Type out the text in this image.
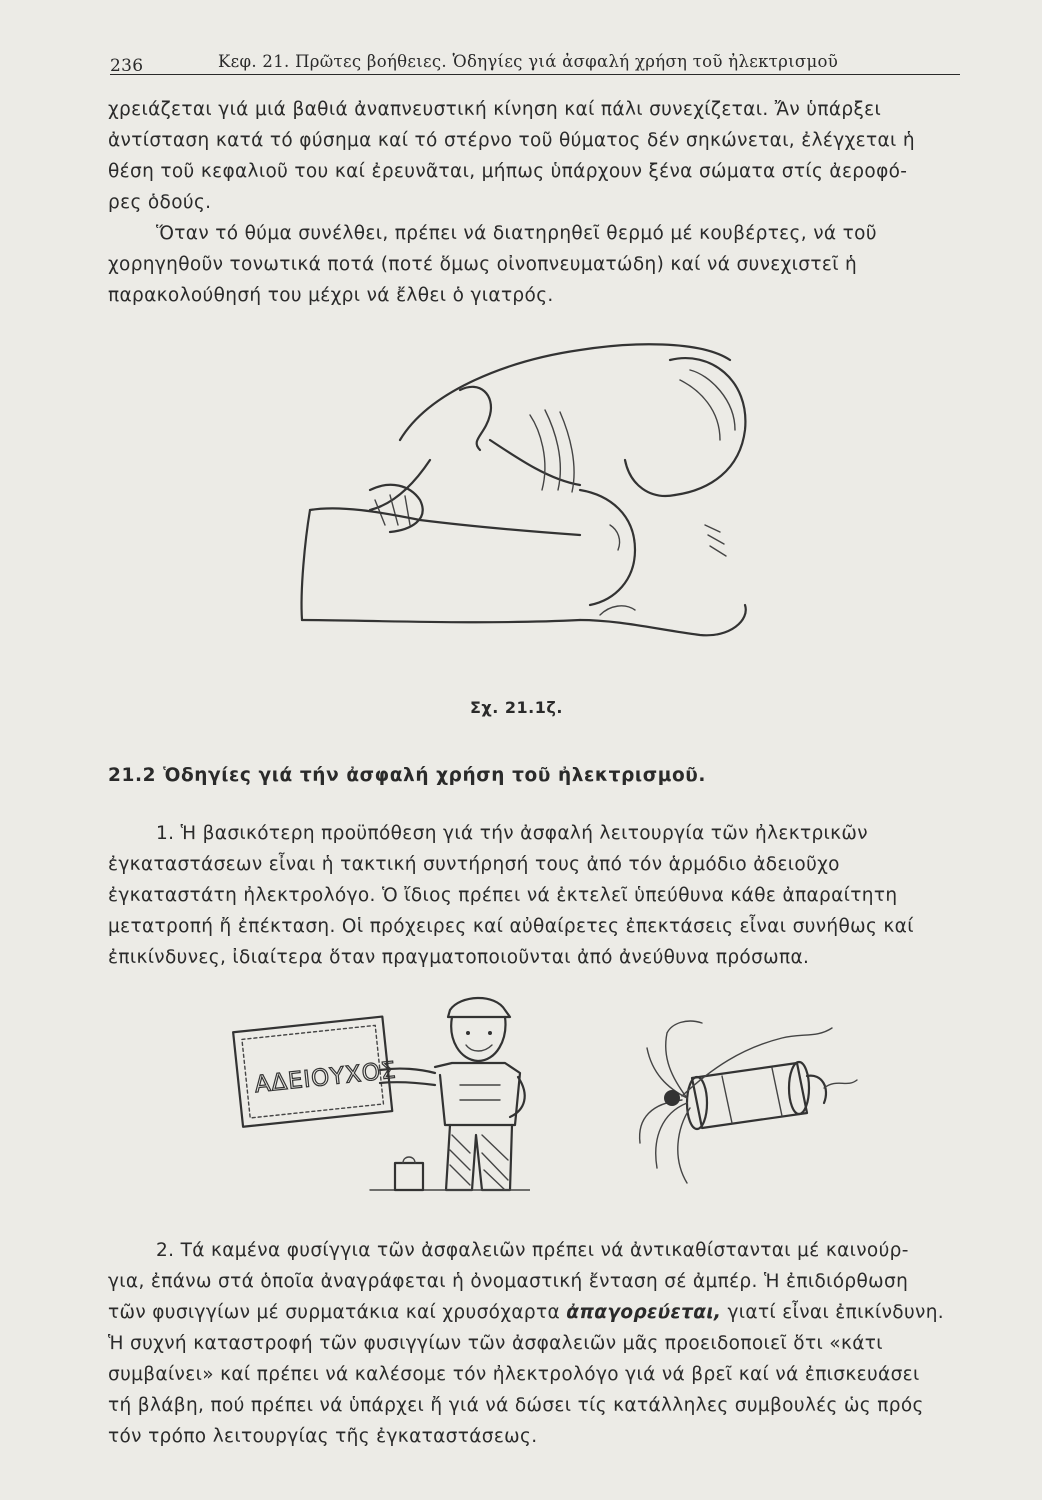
236	Κεφ. 21. Πρῶτες βοήθειες. Ὁδηγίες γιά ἀσφαλή χρήση τοῦ ἠλεκτρισμοῦ

χρειάζεται γιά μιά βαθιά ἀναπνευστική κίνηση καί πάλι συνεχίζεται. Ἄν ὑπάρξει
ἀντίσταση κατά τό φύσημα καί τό στέρνο τοῦ θύματος δέν σηκώνεται, ἐλέγχεται ἡ
θέση τοῦ κεφαλιοῦ του καί ἐρευνᾶται, μήπως ὑπάρχουν ξένα σώματα στίς ἀεροφό-
ρες ὁδούς.

Ὅταν τό θύμα συνέλθει, πρέπει νά διατηρηθεῖ θερμό μέ κουβέρτες, νά τοῦ
χορηγηθοῦν τονωτικά ποτά (ποτέ ὅμως οἰνοπνευματώδη) καί νά συνεχιστεῖ ἡ
παρακολούθησή του μέχρι νά ἔλθει ὁ γιατρός.

Σχ. 21.1ζ.
21.2 Ὁδηγίες γιά τήν ἀσφαλή χρήση τοῦ ἠλεκτρισμοῦ.

1. Ἡ βασικότερη προϋπόθεση γιά τήν ἀσφαλή λειτουργία τῶν ἠλεκτρικῶν
ἐγκαταστάσεων εἶναι ἡ τακτική συντήρησή τους ἀπό τόν ἁρμόδιο ἀδειοῦχο
ἐγκαταστάτη ἠλεκτρολόγο. Ὁ ἴδιος πρέπει νά ἐκτελεῖ ὑπεύθυνα κάθε ἀπαραίτητη
μετατροπή ἤ ἐπέκταση. Οἱ πρόχειρες καί αὐθαίρετες ἐπεκτάσεις εἶναι συνήθως καί
ἐπικίνδυνες, ἰδιαίτερα ὅταν πραγματοποιοῦνται ἀπό ἀνεύθυνα πρόσωπα.

ΑΔΕΙΟΥΧΟΣ

2. Τά καμένα φυσίγγια τῶν ἀσφαλειῶν πρέπει νά ἀντικαθίστανται μέ καινούρ-
για, ἐπάνω στά ὁποῖα ἀναγράφεται ἡ ὀνομαστική ἔνταση σέ ἀμπέρ. Ἡ ἐπιδιόρθωση
τῶν φυσιγγίων μέ συρματάκια καί χρυσόχαρτα ἀπαγορεύεται, γιατί εἶναι ἐπικίνδυνη.
Ἡ συχνή καταστροφή τῶν φυσιγγίων τῶν ἀσφαλειῶν μᾶς προειδοποιεῖ ὅτι «κάτι
συμβαίνει» καί πρέπει νά καλέσομε τόν ἠλεκτρολόγο γιά νά βρεῖ καί νά ἐπισκευάσει
τή βλάβη, πού πρέπει νά ὑπάρχει ἤ γιά νά δώσει τίς κατάλληλες συμβουλές ὡς πρός
τόν τρόπο λειτουργίας τῆς ἐγκαταστάσεως.
